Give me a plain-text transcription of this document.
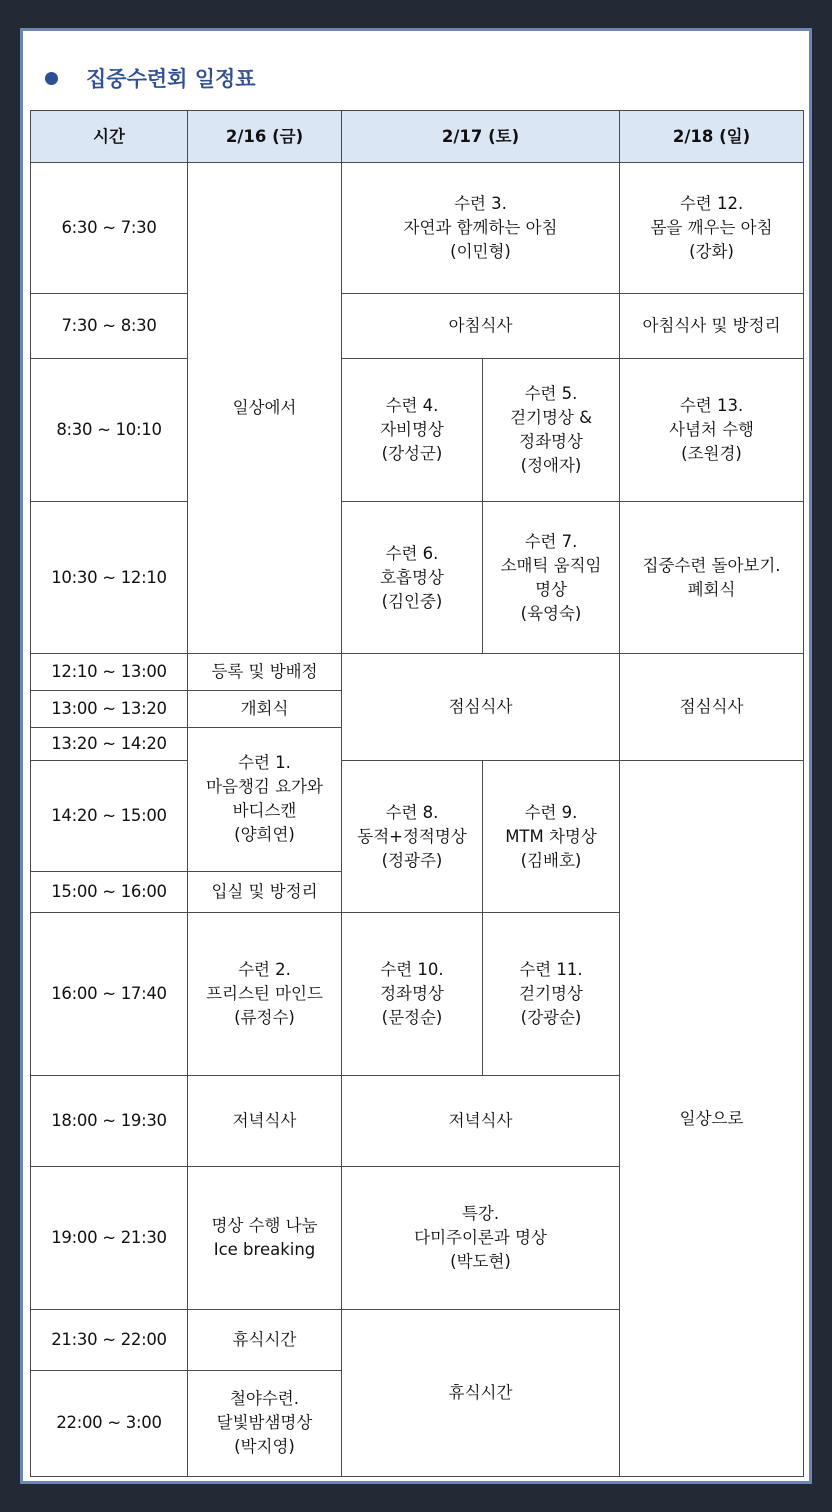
집중수련회 일정표
시간	2/16 (금)	2/17 (토)		2/18 (일)
6:30 ~ 7:30	일상에서	수련 3.
자연과 함께하는 아침
(이민형)		수련 12.
몸을 깨우는 아침
(강화)

7:30 ~ 8:30		아침식사		아침식사 및 방정리
8:30 ~ 10:10		수련 4.
자비명상
(강성군)	수련 5.
걷기명상 &
정좌명상
(정애자)	수련 13.
사념처 수행
(조원경)

10:30 ~ 12:10		수련 6.
호흡명상
(김인중)	수련 7.
소매틱 움직임
명상
(육영숙)	집중수련 돌아보기.
폐회식

12:10 ~ 13:00	등록 및 방배정	점심식사		점심식사
13:00 ~ 13:20	개회식			
13:20 ~ 14:20	수련 1.
마음챙김 요가와
바디스캔
(양희연)			

14:20 ~ 15:00		수련 8.
동적+정적명상
(정광주)	수련 9.
MTM 차명상
(김배호)	일상으로
15:00 ~ 16:00	입실 및 방정리			
16:00 ~ 17:40	수련 2.
프리스틴 마인드
(류정수)	수련 10.
정좌명상
(문정순)	수련 11.
걷기명상
(강광순)	

18:00 ~ 19:30	저녁식사	저녁식사		
19:00 ~ 21:30	명상 수행 나눔
Ice breaking	특강.
다미주이론과 명상
(박도현)		

21:30 ~ 22:00	휴식시간	휴식시간		
22:00 ~ 3:00	철야수련.
달빛밤샘명상
(박지영)			
